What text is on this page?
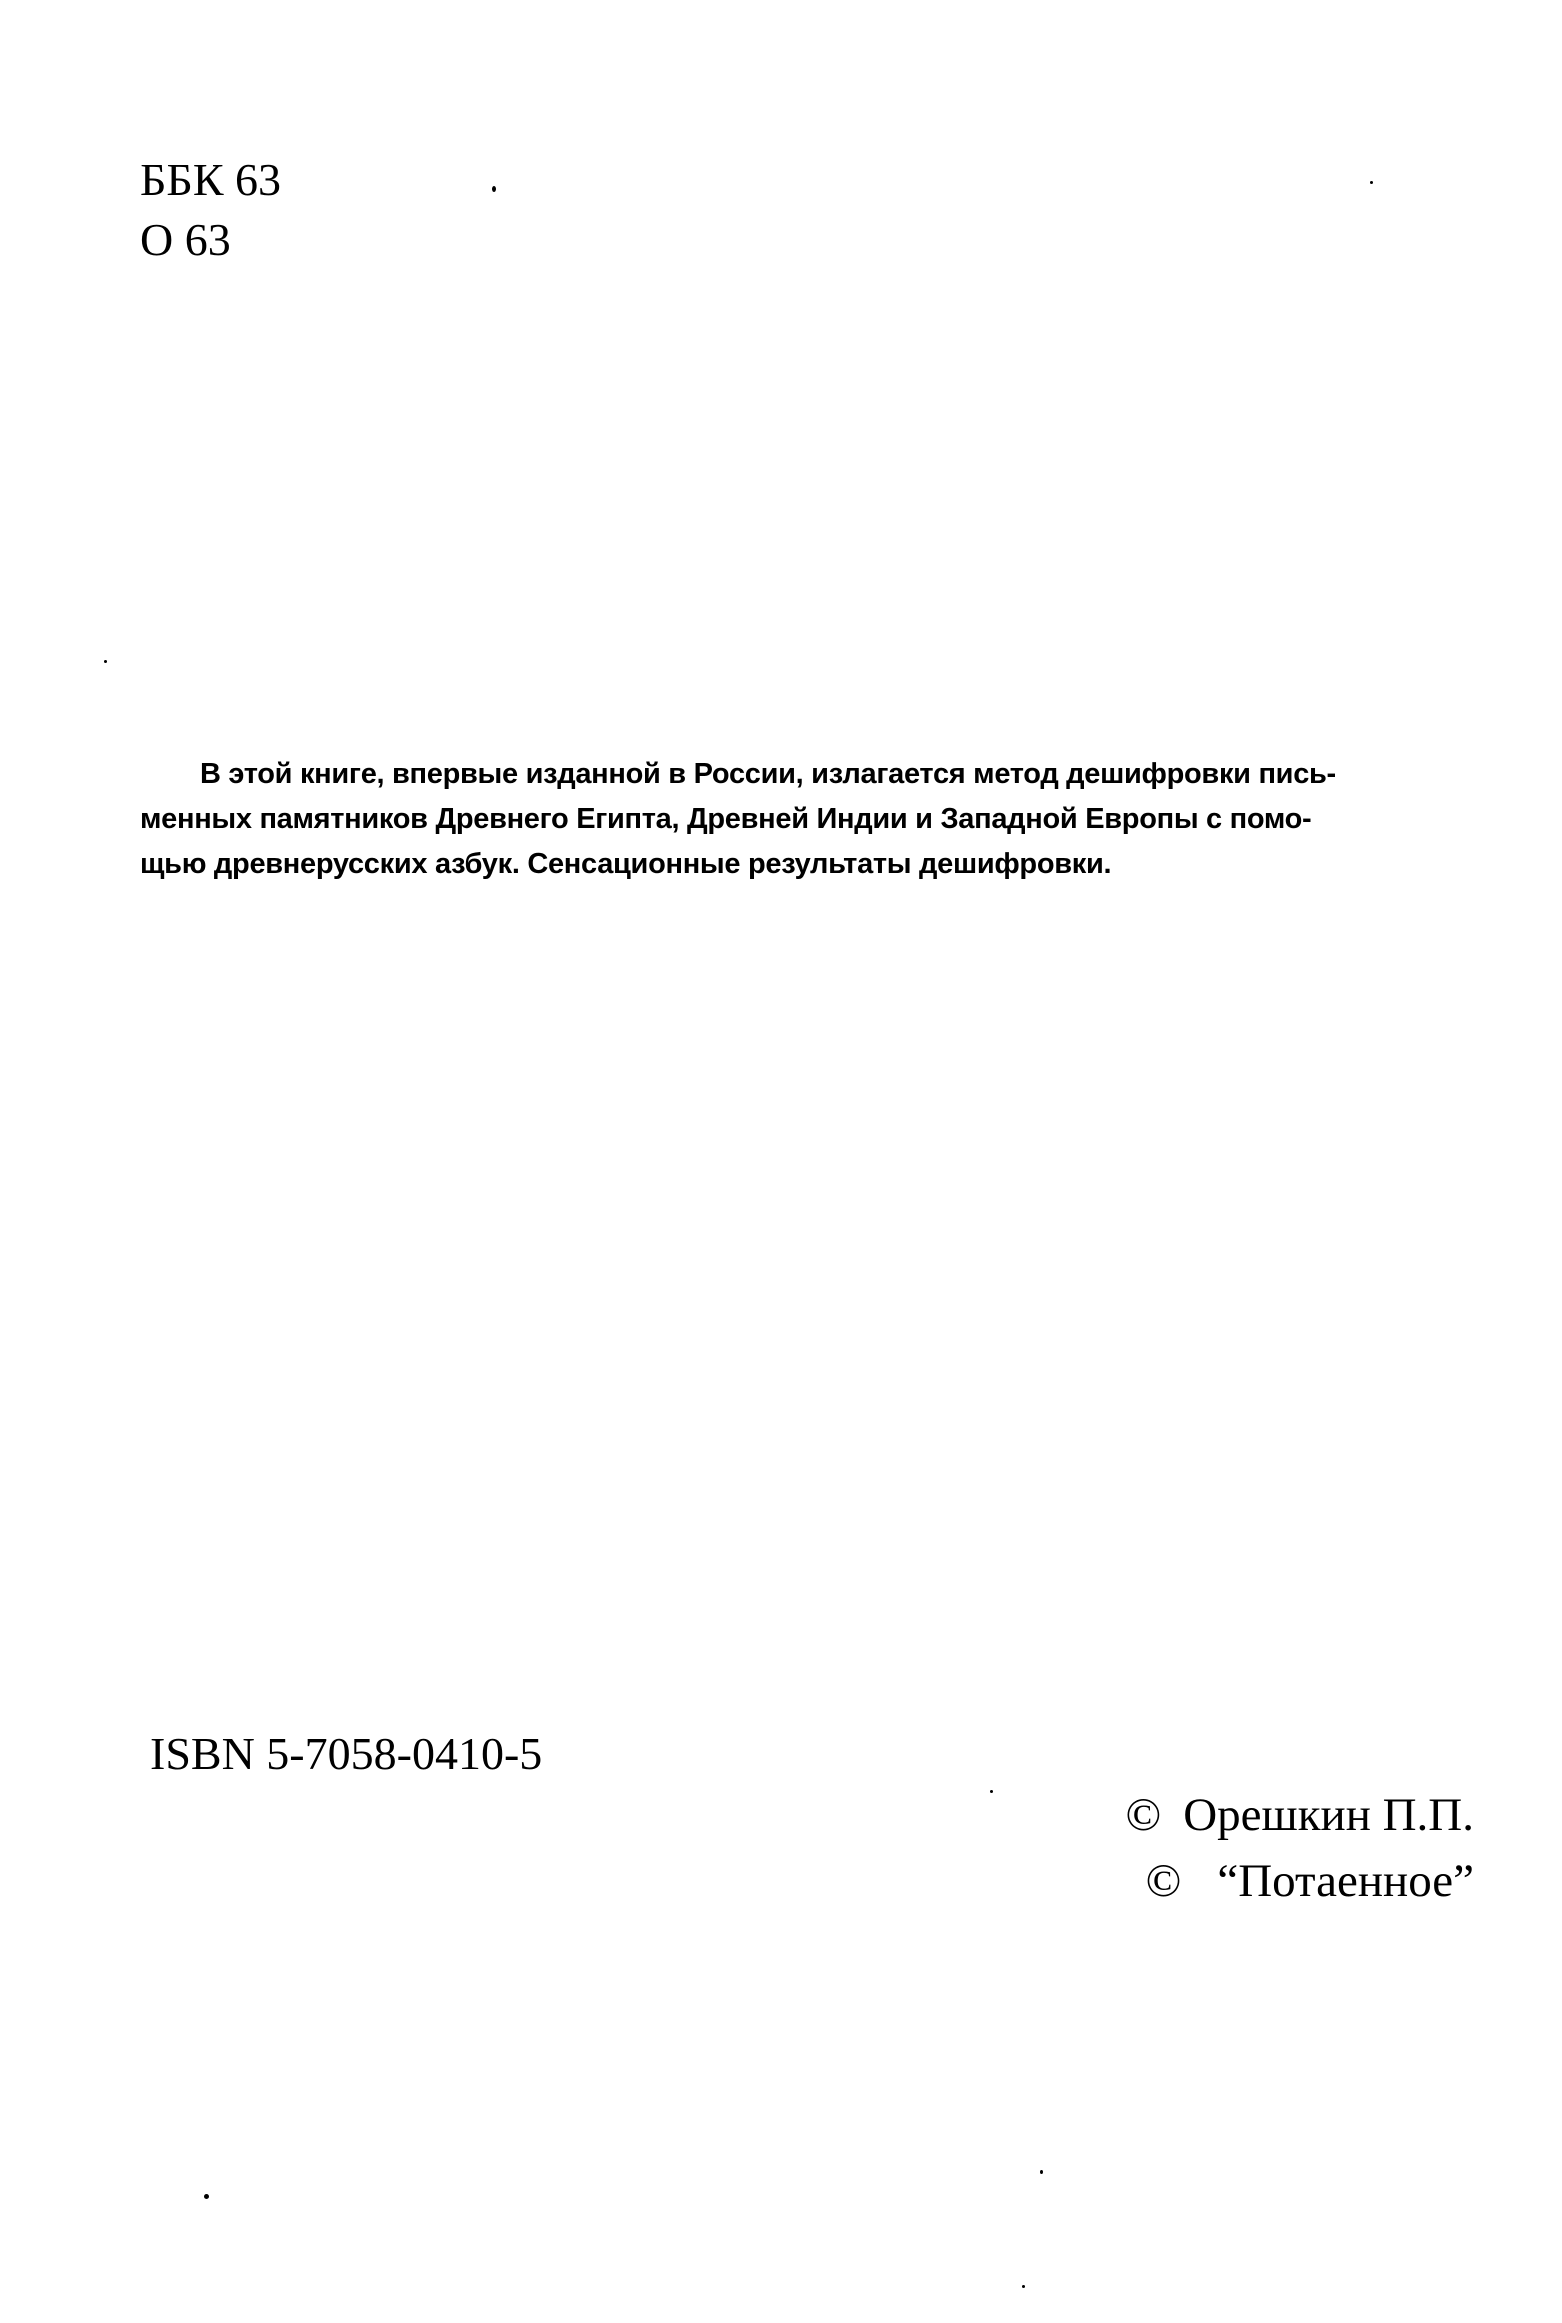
ББК 63
О 63
В этой книге, впервые изданной в России, излагается метод дешифровки пись-
менных памятников Древнего Египта, Древней Индии и Западной Европы с помо-
щью древнерусских азбук. Сенсационные результаты дешифровки.
ISBN 5-7058-0410-5
© Орешкин П.П.
© “Потаенное”
